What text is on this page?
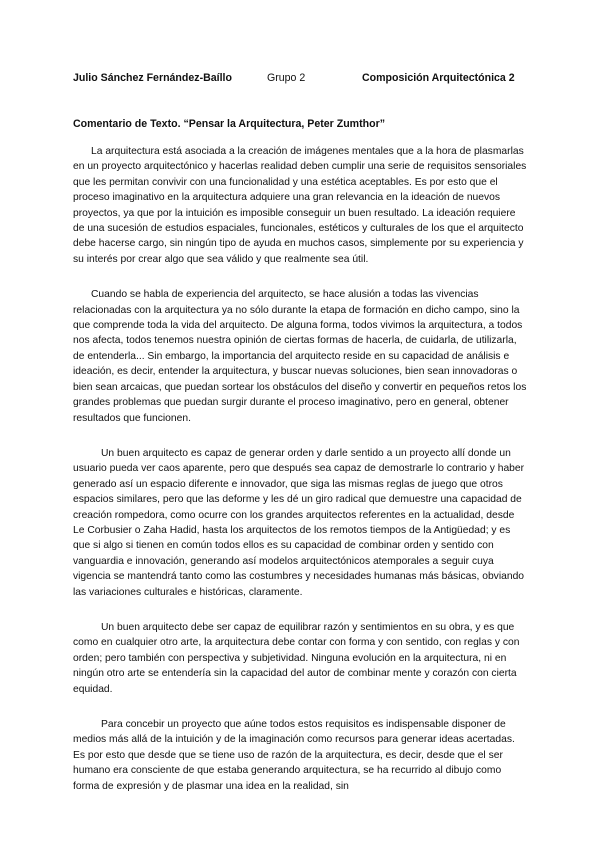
Julio Sánchez Fernández-Baíllo	Grupo 2	Composición Arquitectónica 2
Comentario de Texto. “Pensar la Arquitectura, Peter Zumthor”

La arquitectura está asociada a la creación de imágenes mentales que a la hora de plasmarlas en un proyecto arquitectónico y hacerlas realidad deben cumplir una serie de requisitos sensoriales que les permitan convivir con una funcionalidad y una estética aceptables. Es por esto que el proceso imaginativo en la arquitectura adquiere una gran relevancia en la ideación de nuevos proyectos, ya que por la intuición es imposible conseguir un buen resultado. La ideación requiere de una sucesión de estudios espaciales, funcionales, estéticos y culturales de los que el arquitecto debe hacerse cargo, sin ningún tipo de ayuda en muchos casos, simplemente por su experiencia y su interés por crear algo que sea válido y que realmente sea útil.

Cuando se habla de experiencia del arquitecto, se hace alusión a todas las vivencias relacionadas con la arquitectura ya no sólo durante la etapa de formación en dicho campo, sino la que comprende toda la vida del arquitecto. De alguna forma, todos vivimos la arquitectura, a todos nos afecta, todos tenemos nuestra opinión de ciertas formas de hacerla, de cuidarla, de utilizarla, de entenderla... Sin embargo, la importancia del arquitecto reside en su capacidad de análisis e ideación, es decir, entender la arquitectura, y buscar nuevas soluciones, bien sean innovadoras o bien sean arcaicas, que puedan sortear los obstáculos del diseño y convertir en pequeños retos los grandes problemas que puedan surgir durante el proceso imaginativo, pero en general, obtener resultados que funcionen.

Un buen arquitecto es capaz de generar orden y darle sentido a un proyecto allí donde un usuario pueda ver caos aparente, pero que después sea capaz de demostrarle lo contrario y haber generado así un espacio diferente e innovador, que siga las mismas reglas de juego que otros espacios similares, pero que las deforme y les dé un giro radical que demuestre una capacidad de creación rompedora, como ocurre con los grandes arquitectos referentes en la actualidad, desde Le Corbusier o Zaha Hadid, hasta los arquitectos de los remotos tiempos de la Antigüedad; y es que si algo si tienen en común todos ellos es su capacidad de combinar orden y sentido con vanguardia e innovación, generando así modelos arquitectónicos atemporales a seguir cuya vigencia se mantendrá tanto como las costumbres y necesidades humanas más básicas, obviando las variaciones culturales e históricas, claramente.

Un buen arquitecto debe ser capaz de equilibrar razón y sentimientos en su obra, y es que como en cualquier otro arte, la arquitectura debe contar con forma y con sentido, con reglas y con orden; pero también con perspectiva y subjetividad. Ninguna evolución en la arquitectura, ni en ningún otro arte se entendería sin la capacidad del autor de combinar mente y corazón con cierta equidad.

Para concebir un proyecto que aúne todos estos requisitos es indispensable disponer de medios más allá de la intuición y de la imaginación como recursos para generar ideas acertadas. Es por esto que desde que se tiene uso de razón de la arquitectura, es decir, desde que el ser humano era consciente de que estaba generando arquitectura, se ha recurrido al dibujo como forma de expresión y de plasmar una idea en la realidad, sin
